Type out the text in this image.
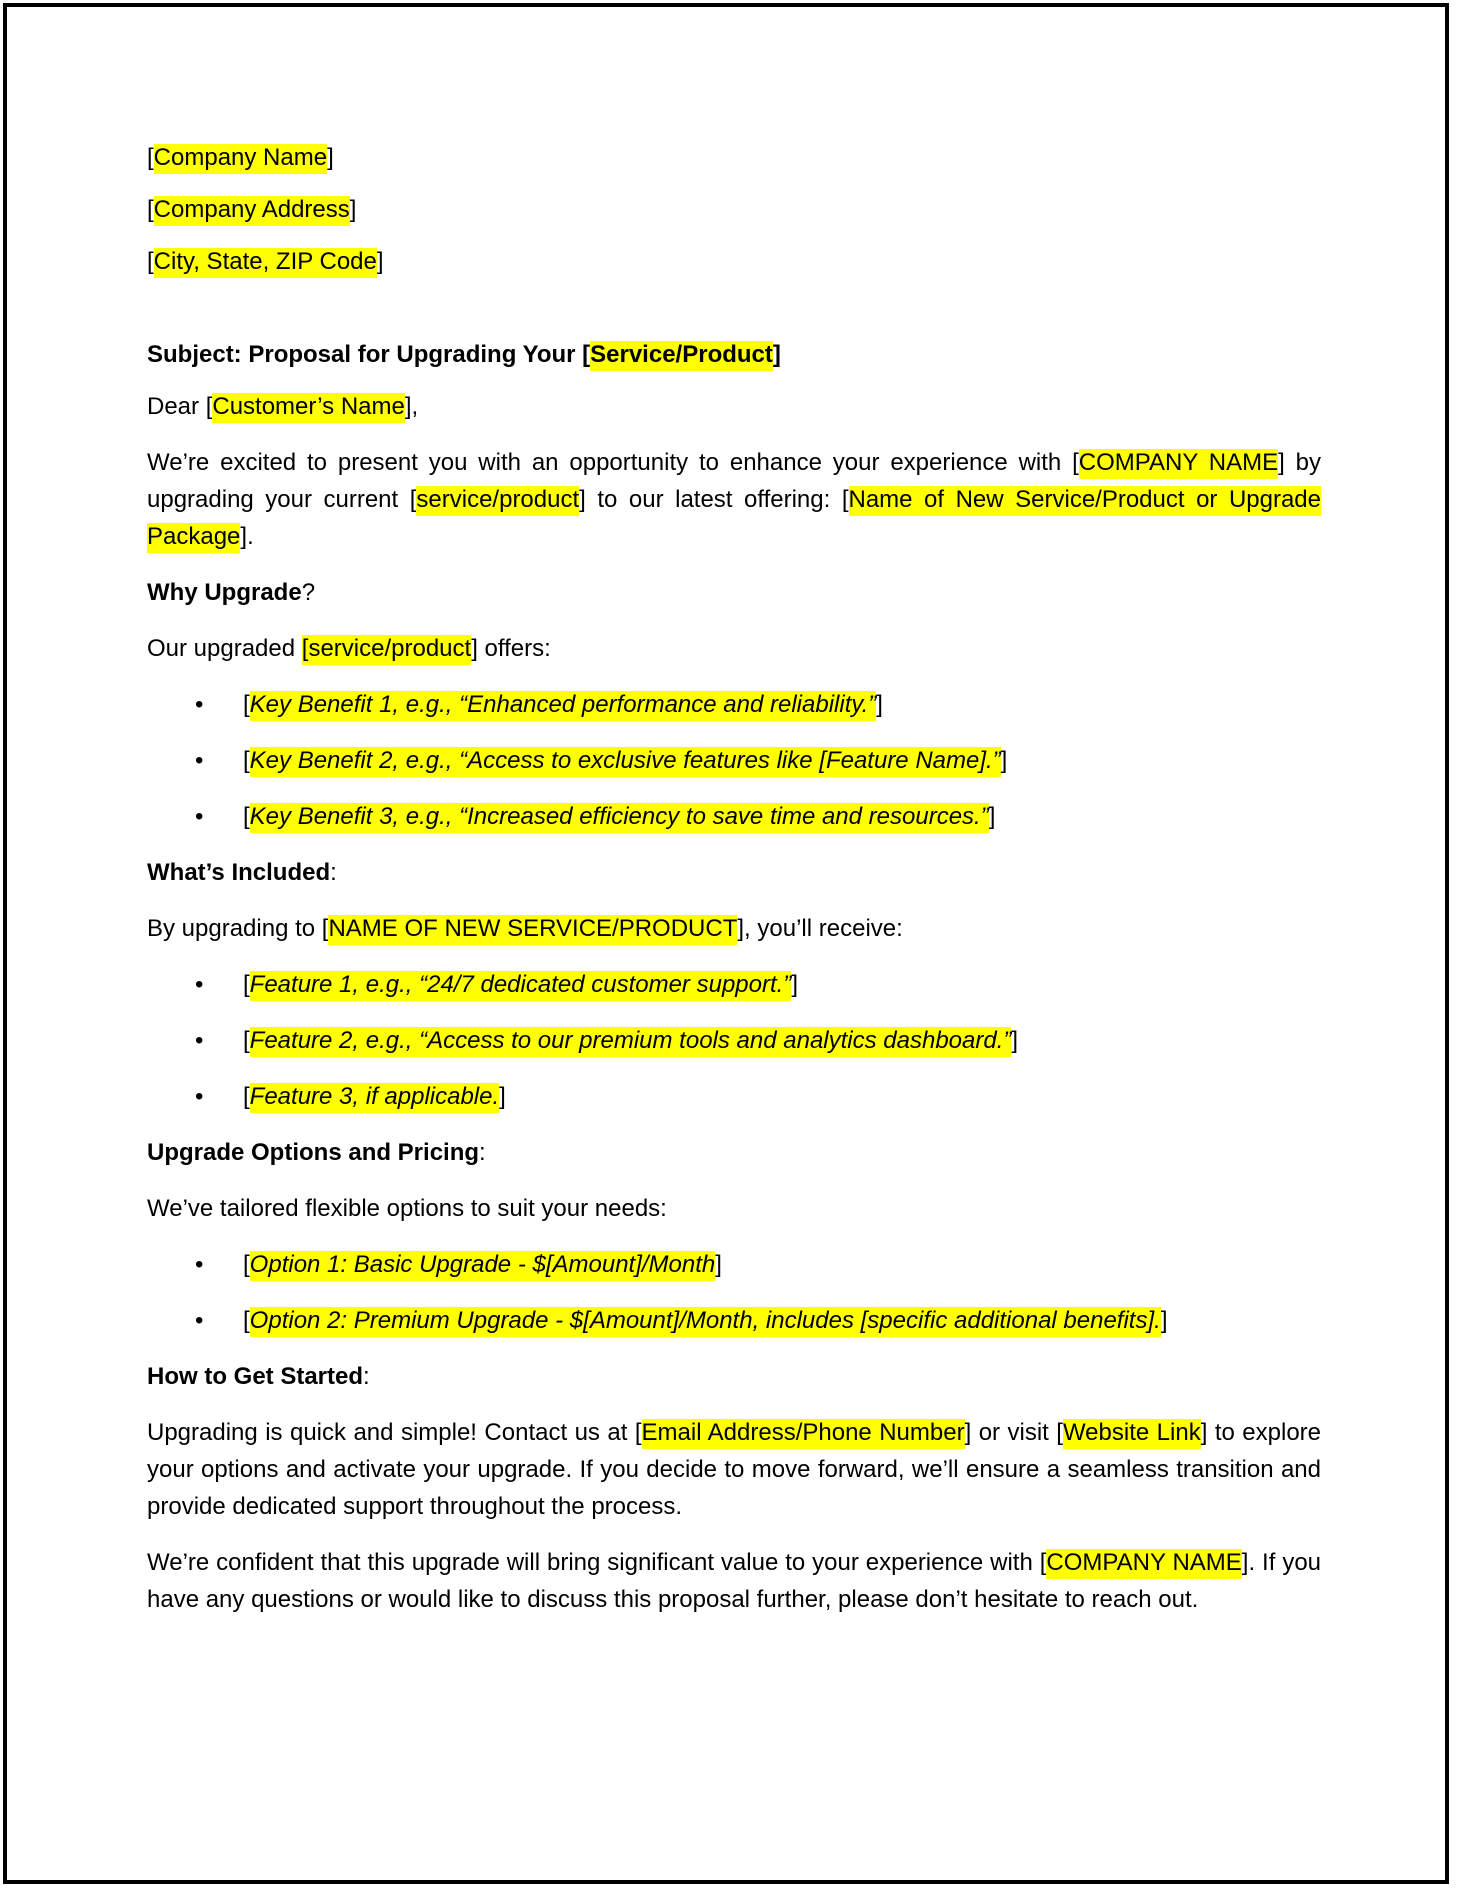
[Company Name]

[Company Address]

[City, State, ZIP Code]

Subject: Proposal for Upgrading Your [Service/Product]

Dear [Customer’s Name],

We’re excited to present you with an opportunity to enhance your experience with [COMPANY NAME] by upgrading your current [service/product] to our latest offering: [Name of New Service/Product or Upgrade Package].

Why Upgrade?

Our upgraded [service/product] offers:

• [Key Benefit 1, e.g., “Enhanced performance and reliability.”]
• [Key Benefit 2, e.g., “Access to exclusive features like [Feature Name].”]
• [Key Benefit 3, e.g., “Increased efficiency to save time and resources.”]

What’s Included:

By upgrading to [NAME OF NEW SERVICE/PRODUCT], you’ll receive:

• [Feature 1, e.g., “24/7 dedicated customer support.”]
• [Feature 2, e.g., “Access to our premium tools and analytics dashboard.”]
• [Feature 3, if applicable.]

Upgrade Options and Pricing:

We’ve tailored flexible options to suit your needs:

• [Option 1: Basic Upgrade - $[Amount]/Month]
• [Option 2: Premium Upgrade - $[Amount]/Month, includes [specific additional benefits].]

How to Get Started:

Upgrading is quick and simple! Contact us at [Email Address/Phone Number] or visit [Website Link] to explore your options and activate your upgrade. If you decide to move forward, we’ll ensure a seamless transition and provide dedicated support throughout the process.

We’re confident that this upgrade will bring significant value to your experience with [COMPANY NAME]. If you have any questions or would like to discuss this proposal further, please don’t hesitate to reach out.
